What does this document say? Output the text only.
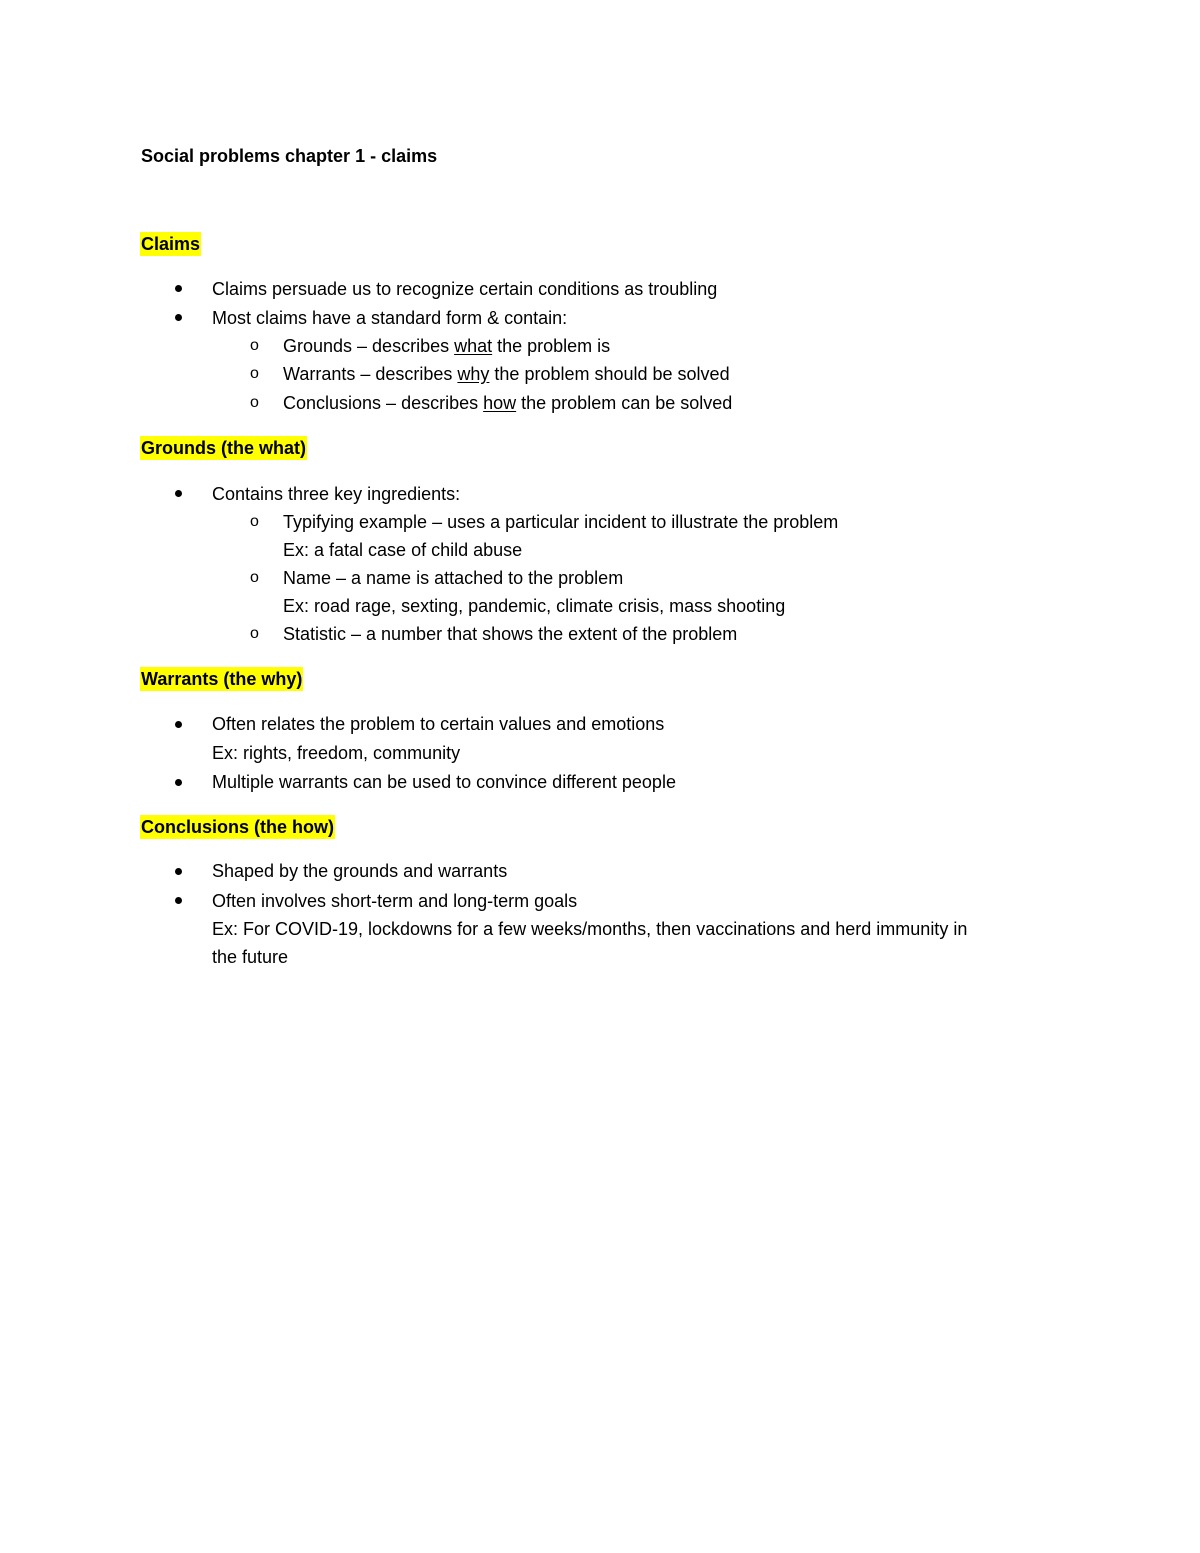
Social problems chapter 1 - claims
Claims
Claims persuade us to recognize certain conditions as troubling
Most claims have a standard form & contain:
o Grounds – describes what the problem is
o Warrants – describes why the problem should be solved
o Conclusions – describes how the problem can be solved
Grounds (the what)
Contains three key ingredients:
o Typifying example – uses a particular incident to illustrate the problem
Ex: a fatal case of child abuse
o Name – a name is attached to the problem
Ex: road rage, sexting, pandemic, climate crisis, mass shooting
o Statistic – a number that shows the extent of the problem
Warrants (the why)
Often relates the problem to certain values and emotions
Ex: rights, freedom, community
Multiple warrants can be used to convince different people
Conclusions (the how)
Shaped by the grounds and warrants
Often involves short-term and long-term goals
Ex: For COVID-19, lockdowns for a few weeks/months, then vaccinations and herd immunity in
the future
